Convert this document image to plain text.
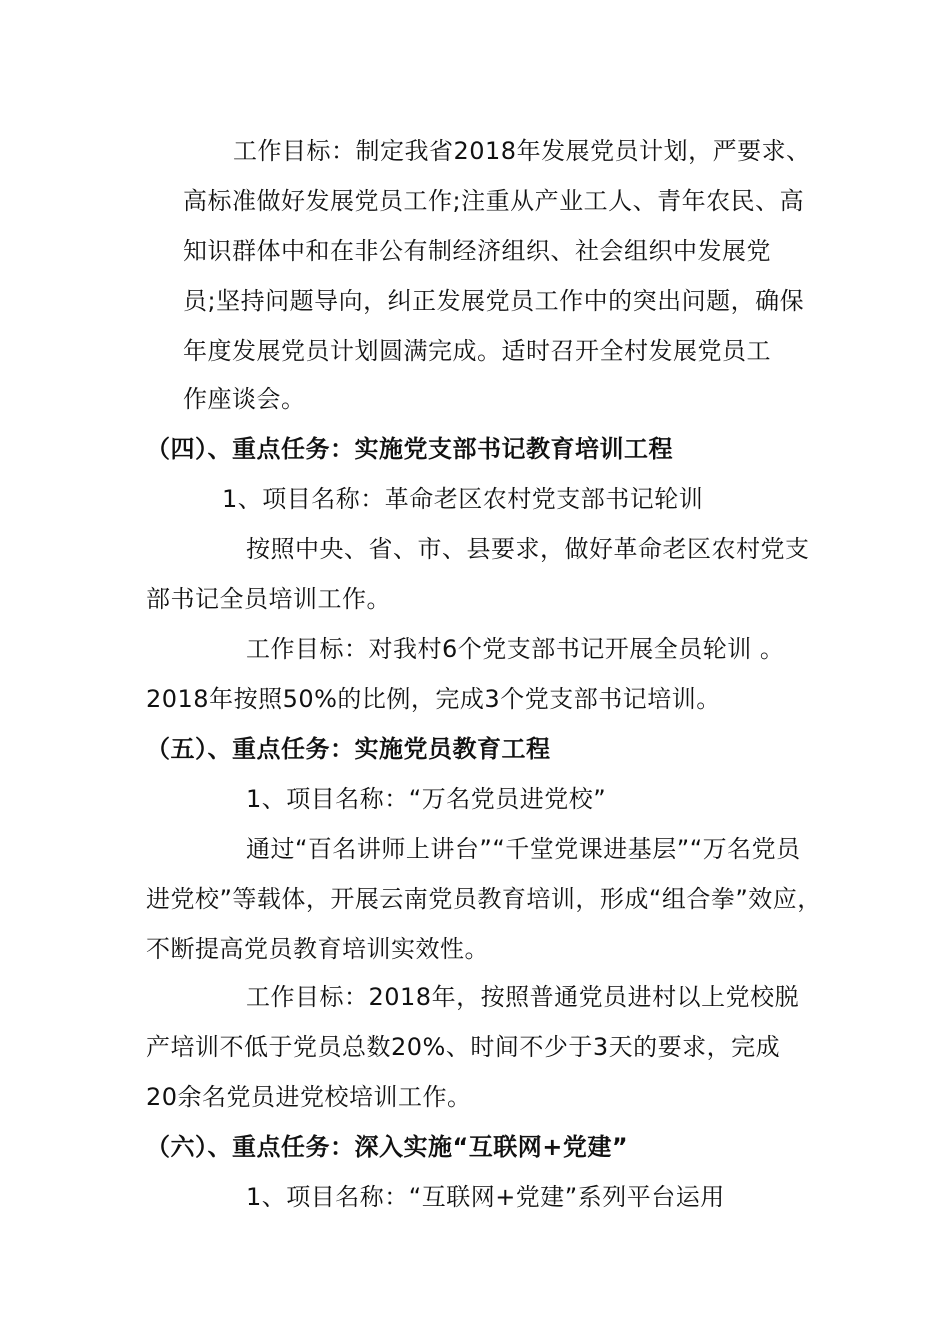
工作目标：制定我省2018年发展党员计划，严要求、
高标准做好发展党员工作;注重从产业工人、青年农民、高
知识群体中和在非公有制经济组织、社会组织中发展党
员;坚持问题导向，纠正发展党员工作中的突出问题，确保
年度发展党员计划圆满完成。适时召开全村发展党员工
作座谈会。
（四）、重点任务：实施党支部书记教育培训工程
1、项目名称：革命老区农村党支部书记轮训
按照中央、省、市、县要求，做好革命老区农村党支
部书记全员培训工作。
工作目标：对我村6个党支部书记开展全员轮训 。
2018年按照50%的比例，完成3个党支部书记培训。
（五）、重点任务：实施党员教育工程
1、项目名称：“万名党员进党校”
通过“百名讲师上讲台”“千堂党课进基层”“万名党员
进党校”等载体，开展云南党员教育培训，形成“组合拳”效应，
不断提高党员教育培训实效性。
工作目标：2018年，按照普通党员进村以上党校脱
产培训不低于党员总数20%、时间不少于3天的要求，完成
20余名党员进党校培训工作。
（六）、重点任务：深入实施“互联网+党建”
1、项目名称：“互联网+党建”系列平台运用
